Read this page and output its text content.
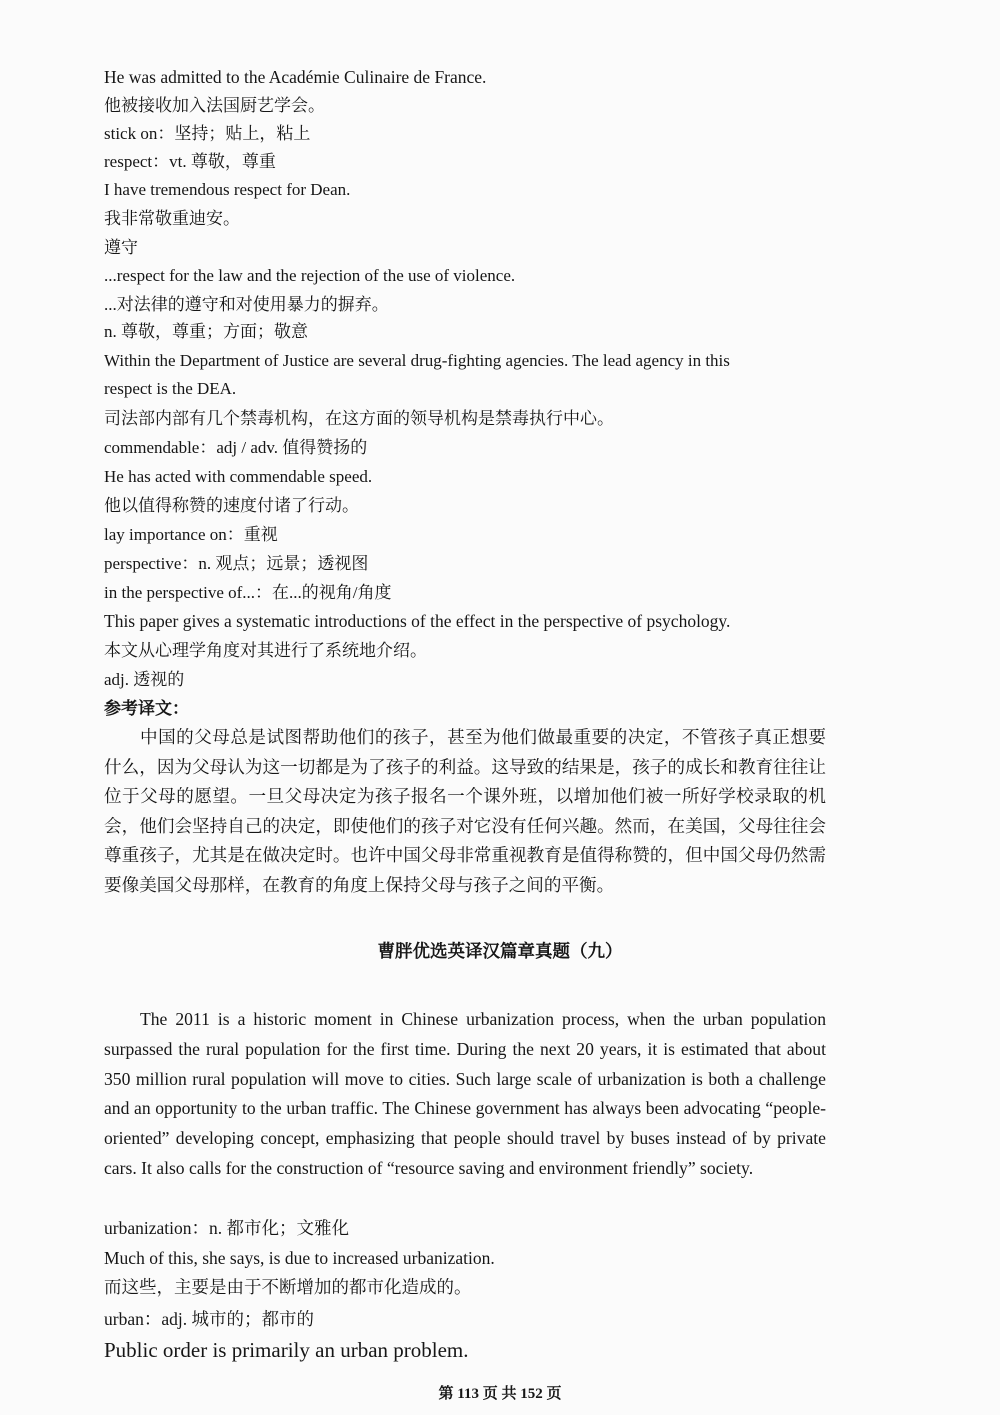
He was admitted to the Académie Culinaire de France.
他被接收加入法国厨艺学会。
stick on：坚持；贴上，粘上
respect：vt. 尊敬，尊重
I have tremendous respect for Dean.
我非常敬重迪安。
遵守
...respect for the law and the rejection of the use of violence.
...对法律的遵守和对使用暴力的摒弃。
n. 尊敬，尊重；方面；敬意
Within the Department of Justice are several drug-fighting agencies. The lead agency in this
respect is the DEA.
司法部内部有几个禁毒机构，在这方面的领导机构是禁毒执行中心。
commendable：adj / adv. 值得赞扬的
He has acted with commendable speed.
他以值得称赞的速度付诸了行动。
lay importance on：重视
perspective：n. 观点；远景；透视图
in the perspective of...：在...的视角/角度
This paper gives a systematic introductions of the effect in the perspective of psychology.
本文从心理学角度对其进行了系统地介绍。
adj. 透视的
参考译文：

中国的父母总是试图帮助他们的孩子，甚至为他们做最重要的决定，不管孩子真正想要什么，因为父母认为这一切都是为了孩子的利益。这导致的结果是，孩子的成长和教育往往让位于父母的愿望。一旦父母决定为孩子报名一个课外班，以增加他们被一所好学校录取的机会，他们会坚持自己的决定，即使他们的孩子对它没有任何兴趣。然而，在美国，父母往往会尊重孩子，尤其是在做决定时。也许中国父母非常重视教育是值得称赞的，但中国父母仍然需要像美国父母那样，在教育的角度上保持父母与孩子之间的平衡。

曹胖优选英译汉篇章真题（九）

The 2011 is a historic moment in Chinese urbanization process, when the urban population surpassed the rural population for the first time. During the next 20 years, it is estimated that about 350 million rural population will move to cities. Such large scale of urbanization is both a challenge and an opportunity to the urban traffic. The Chinese government has always been advocating “people-oriented” developing concept, emphasizing that people should travel by buses instead of by private cars. It also calls for the construction of “resource saving and environment friendly” society.

urbanization：n. 都市化；文雅化
Much of this, she says, is due to increased urbanization.
而这些，主要是由于不断增加的都市化造成的。
urban：adj. 城市的；都市的
Public order is primarily an urban problem.
第 113 页 共 152 页
